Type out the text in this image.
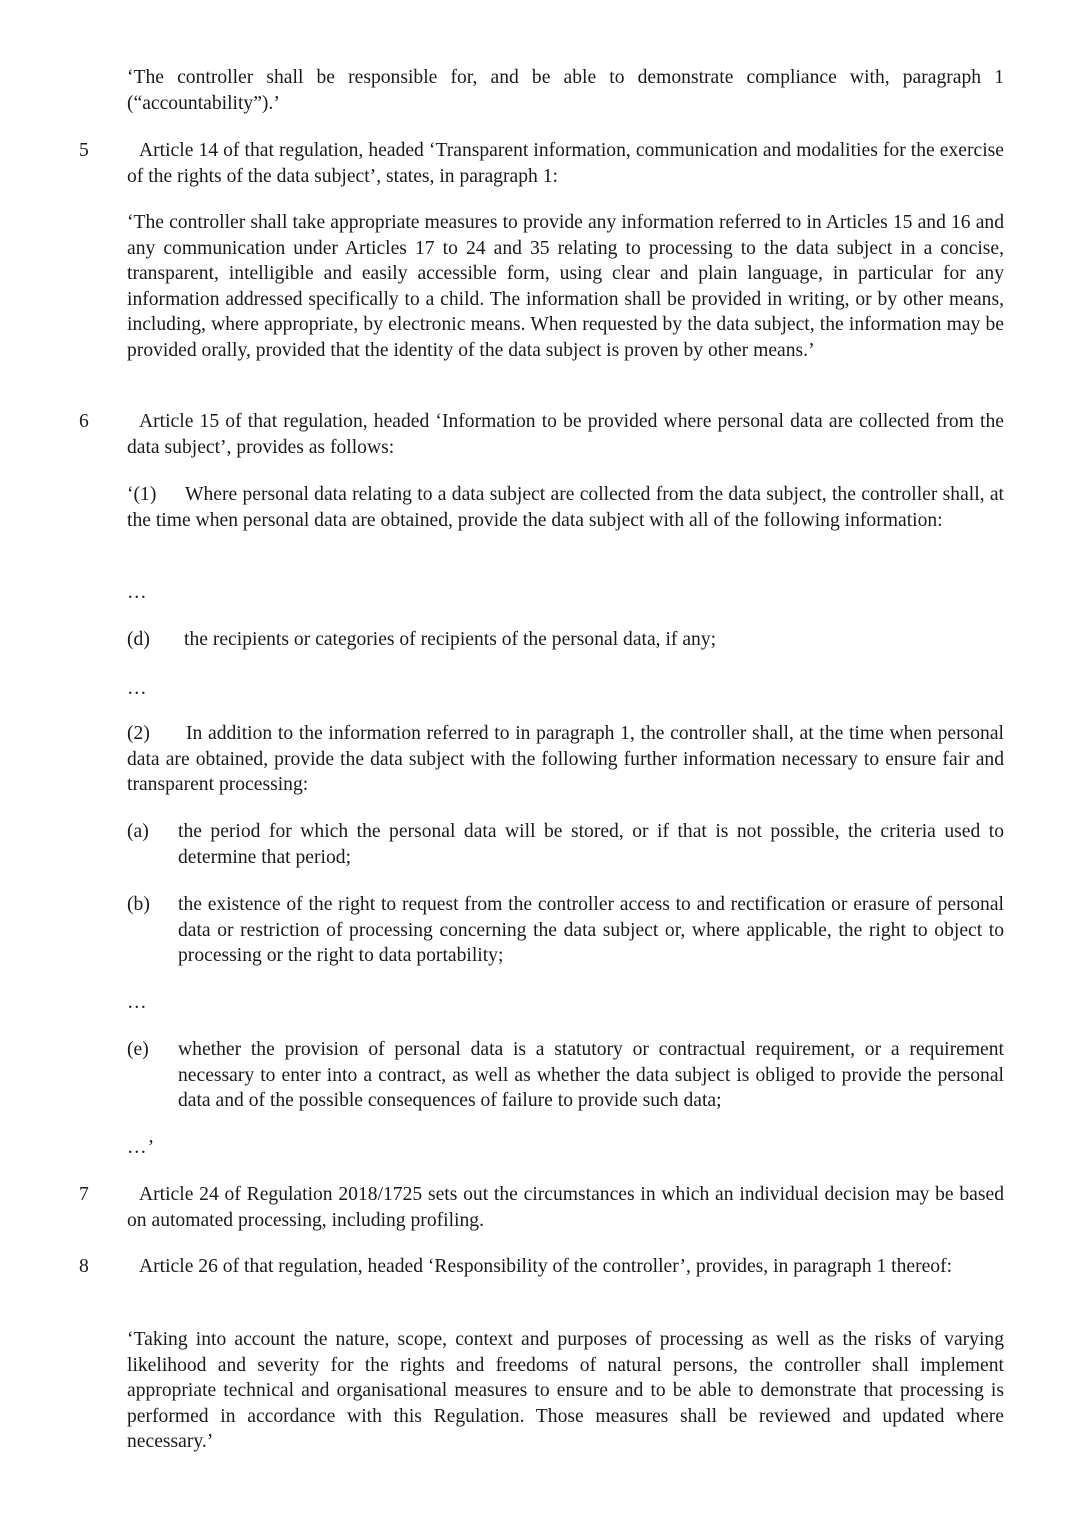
‘The controller shall be responsible for, and be able to demonstrate compliance with, paragraph 1 (“accountability”).’

5	Article 14 of that regulation, headed ‘Transparent information, communication and modalities for the exercise of the rights of the data subject’, states, in paragraph 1:

‘The controller shall take appropriate measures to provide any information referred to in Articles 15 and 16 and any communication under Articles 17 to 24 and 35 relating to processing to the data subject in a concise, transparent, intelligible and easily accessible form, using clear and plain language, in particular for any information addressed specifically to a child. The information shall be provided in writing, or by other means, including, where appropriate, by electronic means. When requested by the data subject, the information may be provided orally, provided that the identity of the data subject is proven by other means.’

6	Article 15 of that regulation, headed ‘Information to be provided where personal data are collected from the data subject’, provides as follows:

‘(1) Where personal data relating to a data subject are collected from the data subject, the controller shall, at the time when personal data are obtained, provide the data subject with all of the following information:

…

(d) the recipients or categories of recipients of the personal data, if any;

…

(2) In addition to the information referred to in paragraph 1, the controller shall, at the time when personal data are obtained, provide the data subject with the following further information necessary to ensure fair and transparent processing:

(a) the period for which the personal data will be stored, or if that is not possible, the criteria used to determine that period;
(b) the existence of the right to request from the controller access to and rectification or erasure of personal data or restriction of processing concerning the data subject or, where applicable, the right to object to processing or the right to data portability;

…

(e) whether the provision of personal data is a statutory or contractual requirement, or a requirement necessary to enter into a contract, as well as whether the data subject is obliged to provide the personal data and of the possible consequences of failure to provide such data;

…’

7	Article 24 of Regulation 2018/1725 sets out the circumstances in which an individual decision may be based on automated processing, including profiling.

8	Article 26 of that regulation, headed ‘Responsibility of the controller’, provides, in paragraph 1 thereof:

‘Taking into account the nature, scope, context and purposes of processing as well as the risks of varying likelihood and severity for the rights and freedoms of natural persons, the controller shall implement appropriate technical and organisational measures to ensure and to be able to demonstrate that processing is performed in accordance with this Regulation. Those measures shall be reviewed and updated where necessary.’
